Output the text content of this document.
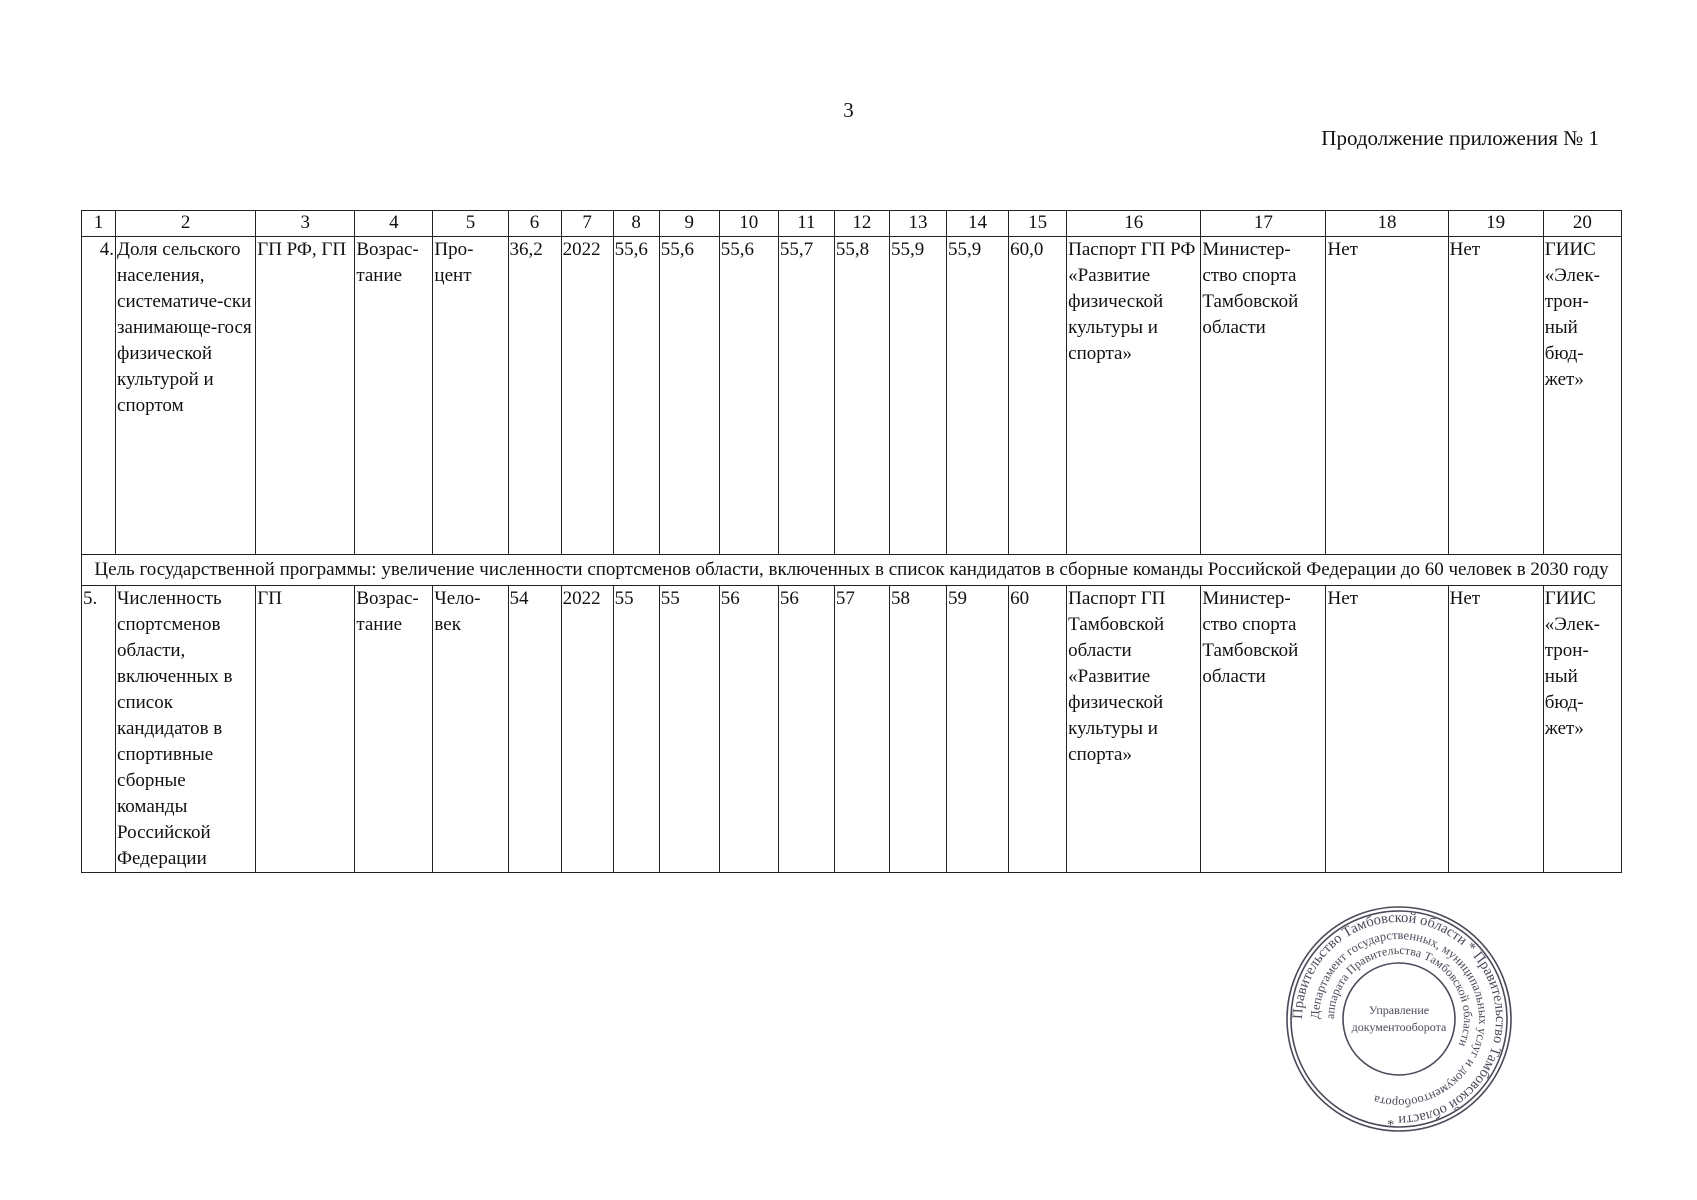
3
Продолжение приложения № 1
1	2	3	4	5	6	7	8	9	10	11	12	13	14	15	16	17	18	19	20
4.	Доля сельского населения, систематиче-ски занимающе-гося физической культурой и спортом	ГП РФ, ГП	Возрас-тание	Про-цент	36,2	2022	55,6	55,6	55,6	55,7	55,8	55,9	55,9	60,0	Паспорт ГП РФ «Развитие физической культуры и спорта»	Министер-ство спорта Тамбовской области	Нет	Нет	ГИИС «Элек-трон-ный бюд-жет»
Цель государственной программы: увеличение численности спортсменов области, включенных в список кандидатов в сборные команды Российской Федерации до 60 человек в 2030 году																			
5.	Численность спортсменов области, включенных в список кандидатов в спортивные сборные команды Российской Федерации	ГП	Возрас-тание	Чело-век	54	2022	55	55	56	56	57	58	59	60	Паспорт ГП Тамбовской области «Развитие физической культуры и спорта»	Министер-ство спорта Тамбовской области	Нет	Нет	ГИИС «Элек-трон-ный бюд-жет»
Правительство Тамбовской области * Правительство Тамбовской области *
Департамент государственных, муниципальных услуг и документооборота
аппарата Правительства Тамбовской области
Управление
документооборота
